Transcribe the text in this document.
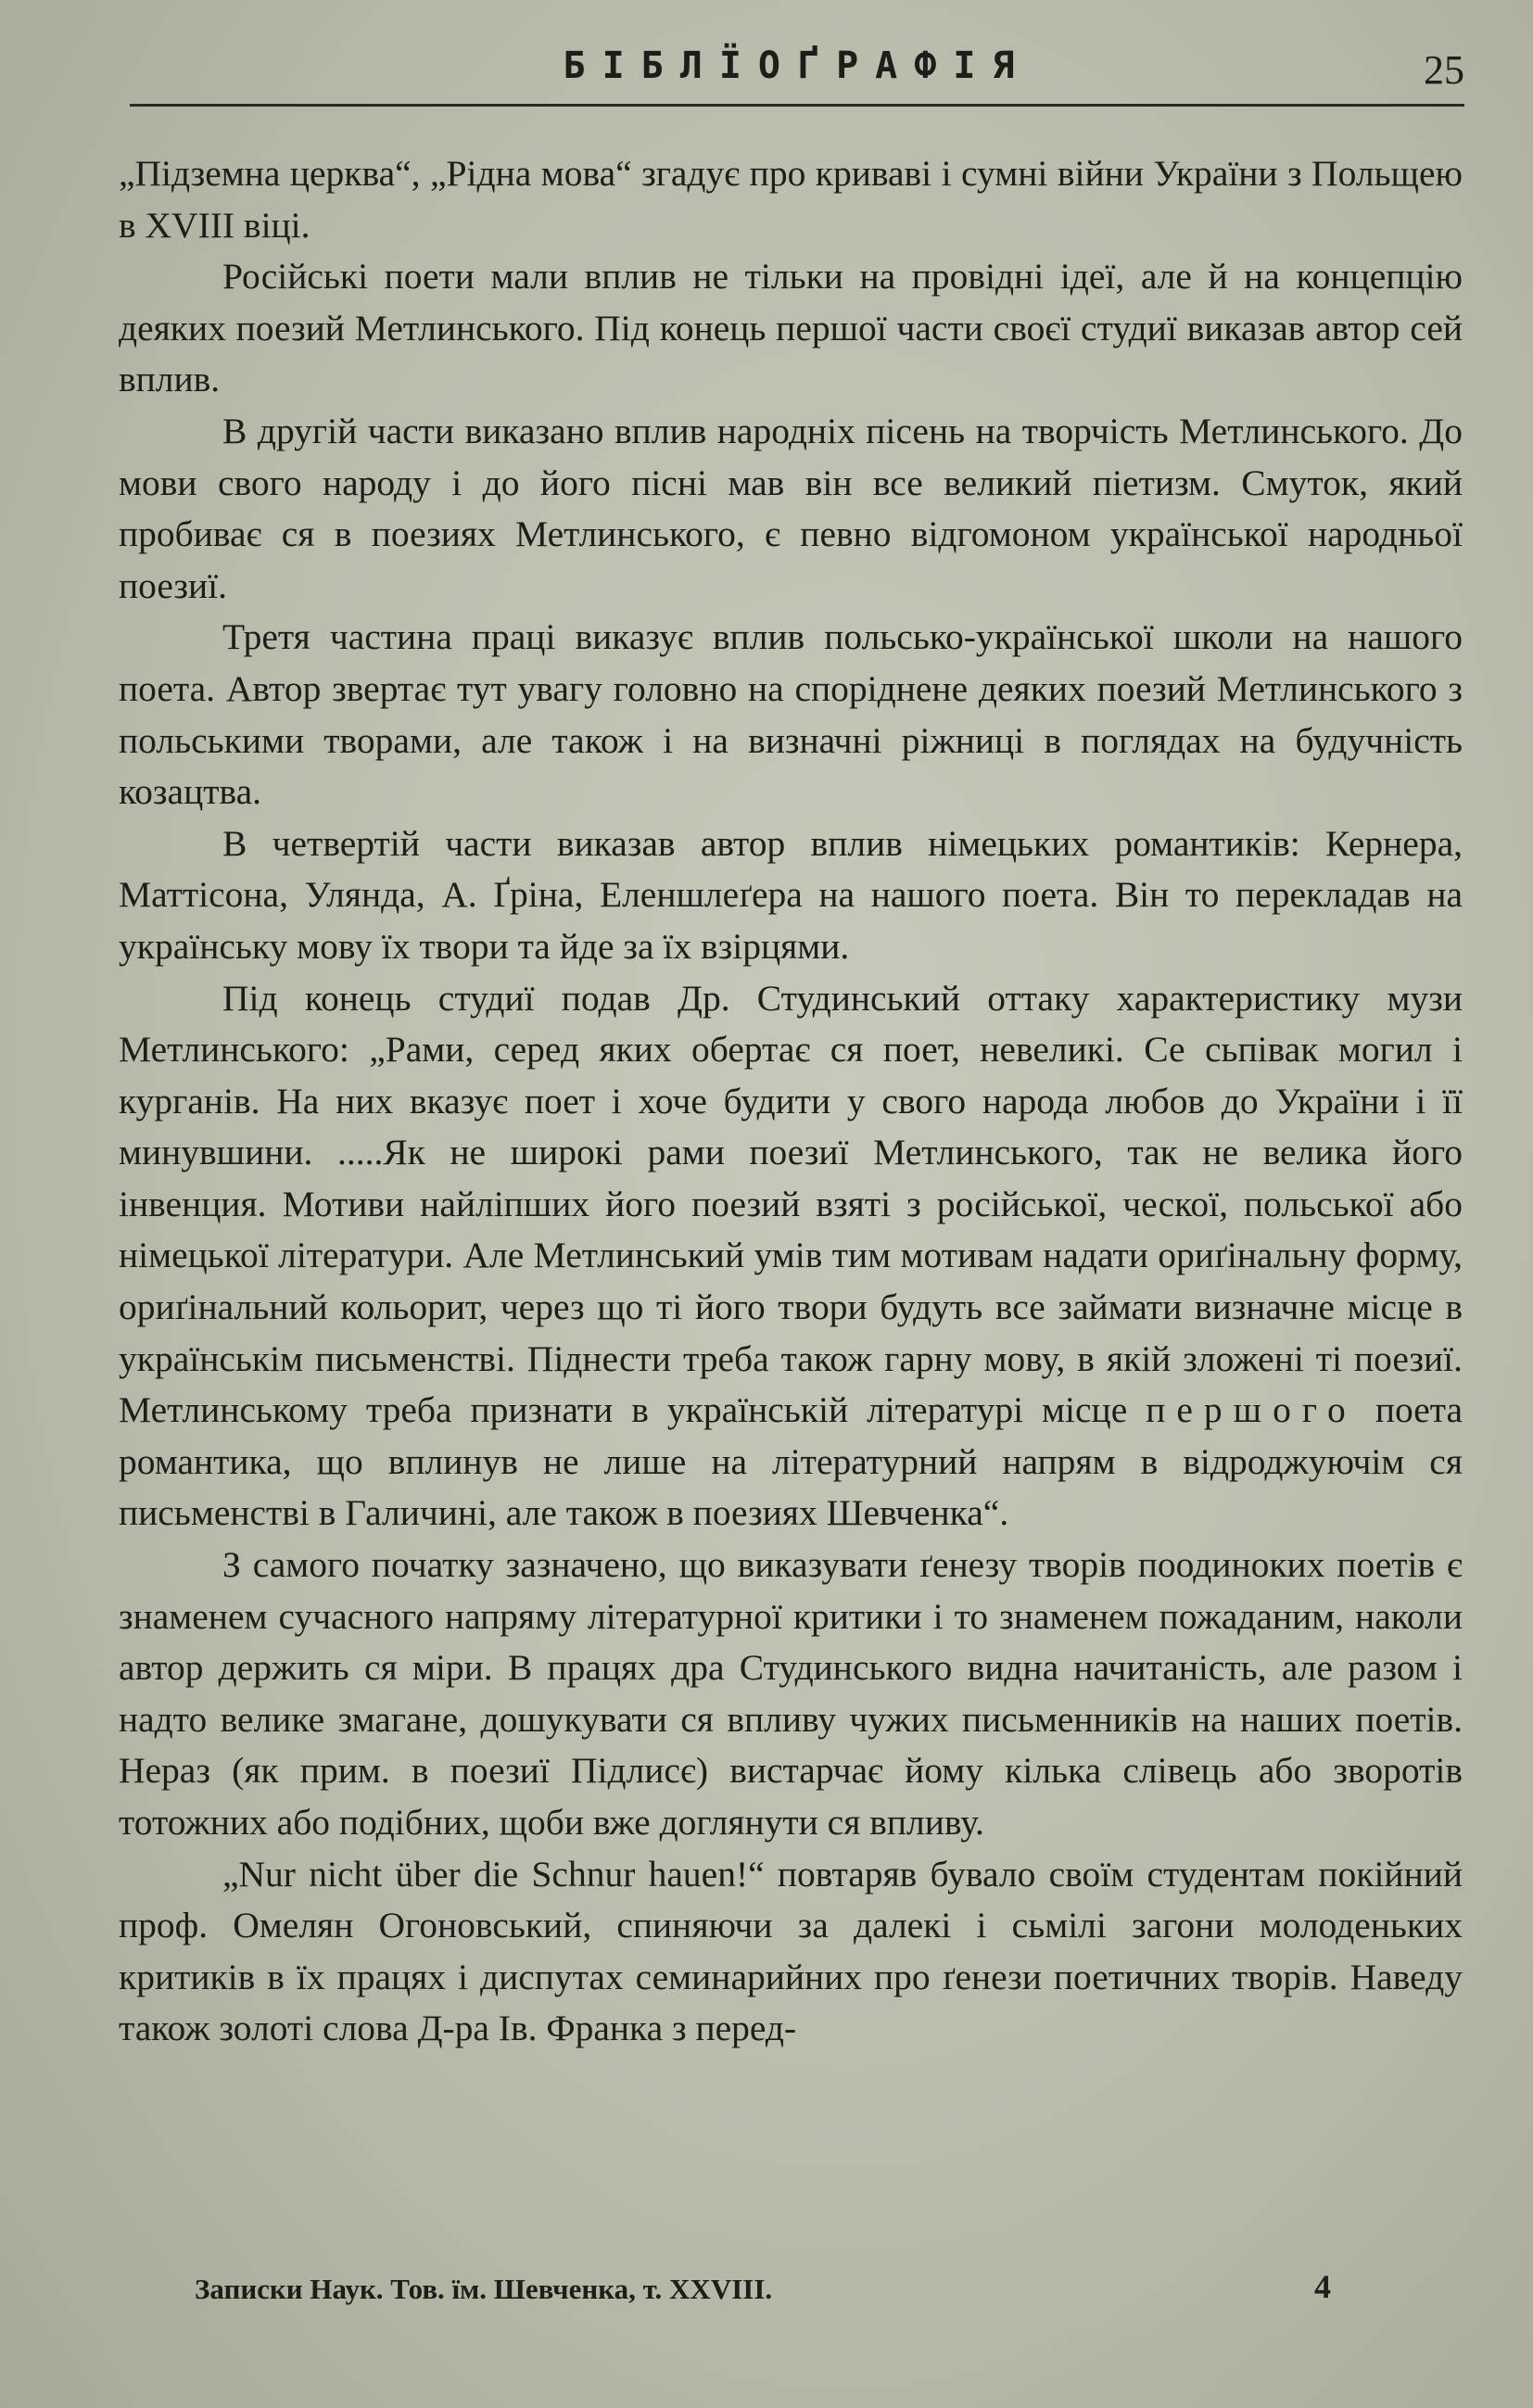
БІБЛЇОҐРАФІЯ	25

„Підземна церква“, „Рідна мова“ згадує про криваві і сумні війни України з Польщею в XVIII віці.

Російські поети мали вплив не тільки на провідні ідеї, але й на концепцію деяких поезий Метлинського. Під конець першої части своєї студиї виказав автор сей вплив.

В другій части виказано вплив народніх пісень на творчість Метлинського. До мови свого народу і до його пісні мав він все великий піетизм. Смуток, який пробиває ся в поезиях Метлинського, є певно відгомоном української народньої поезиї.

Третя частина праці виказує вплив польсько-української школи на нашого поета. Автор звертає тут увагу головно на споріднене деяких поезий Метлинського з польськими творами, але також і на визначні ріжниці в поглядах на будучність козацтва.

В четвертій части виказав автор вплив німецьких романтиків: Кернера, Маттісона, Улянда, А. Ґріна, Еленшлеґера на нашого поета. Він то перекладав на українську мову їх твори та йде за їх взірцями.

Під конець студиї подав Др. Студинський оттаку характеристику музи Метлинського: „Рами, серед яких обертає ся поет, невеликі. Се сьпівак могил і курганів. На них вказує поет і хоче будити у свого народа любов до України і її минувшини. .....Як не широкі рами поезиї Метлинського, так не велика його інвенция. Мотиви найліпших його поезий взяті з російської, ческої, польської або німецької літератури. Але Метлинський умів тим мотивам надати ориґінальну форму, ориґінальний кольорит, через що ті його твори будуть все займати визначне місце в українськім письменстві. Піднести треба також гарну мову, в якій зложені ті поезиї. Метлинському треба признати в українській літературі місце першого поета романтика, що вплинув не лише на літературний напрям в відроджуючім ся письменстві в Галичині, але також в поезиях Шевченка“.

З самого початку зазначено, що виказувати ґенезу творів поодиноких поетів є знаменем сучасного напряму літературної критики і то знаменем пожаданим, наколи автор держить ся міри. В працях дра Студинського видна начитаність, але разом і надто велике змагане, дошукувати ся впливу чужих письменників на наших поетів. Нераз (як прим. в поезиї Підлисє) вистарчає йому кілька слівець або зворотів тотожних або подібних, щоби вже доглянути ся впливу.

„Nur nicht über die Schnur hauen!“ повтаряв бувало своїм студентам покійний проф. Омелян Огоновський, спиняючи за далекі і сьмілі загони молоденьких критиків в їх працях і диспутах семинарийних про ґенези поетичних творів. Наведу також золоті слова Д-ра Ів. Франка з перед-

Записки Наук. Тов. їм. Шевченка, т. XXVIII.	4
